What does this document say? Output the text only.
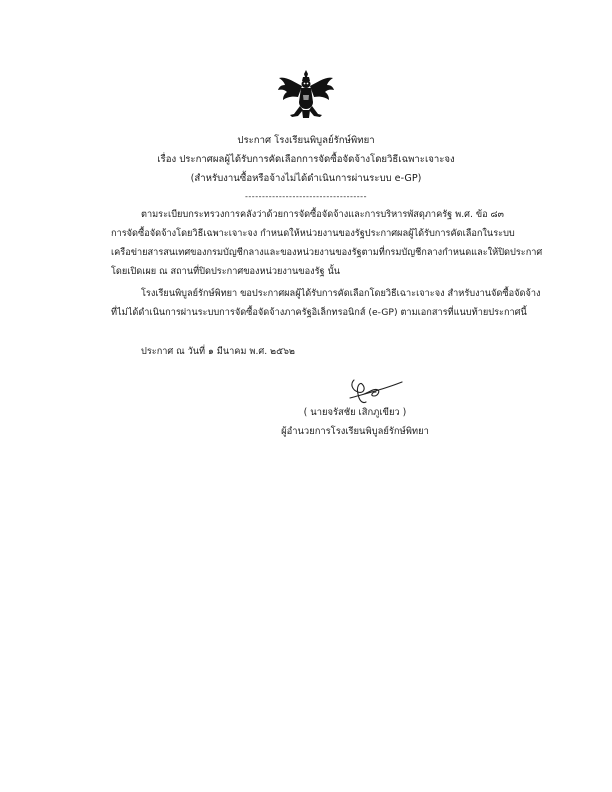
ประกาศ โรงเรียนพิบูลย์รักษ์พิทยา
เรื่อง ประกาศผลผู้ได้รับการคัดเลือกการจัดซื้อจัดจ้างโดยวิธีเฉพาะเจาะจง
(สำหรับงานซื้อหรือจ้างไม่ได้ดำเนินการผ่านระบบ e-GP)
------------------------------------
ตามระเบียบกระทรวงการคลังว่าด้วยการจัดซื้อจัดจ้างและการบริหารพัสดุภาครัฐ พ.ศ. ข้อ ๘๓
การจัดซื้อจัดจ้างโดยวิธีเฉพาะเจาะจง กำหนดให้หน่วยงานของรัฐประกาศผลผู้ได้รับการคัดเลือกในระบบ
เครือข่ายสารสนเทศของกรมบัญชีกลางและของหน่วยงานของรัฐตามที่กรมบัญชีกลางกำหนดและให้ปิดประกาศ
โดยเปิดเผย ณ สถานที่ปิดประกาศของหน่วยงานของรัฐ นั้น
โรงเรียนพิบูลย์รักษ์พิทยา ขอประกาศผลผู้ได้รับการคัดเลือกโดยวิธีเฉาะเจาะจง สำหรับงานจัดซื้อจัดจ้าง
ที่ไม่ได้ดำเนินการผ่านระบบการจัดซื้อจัดจ้างภาครัฐอิเล็กทรอนิกส์ (e-GP) ตามเอกสารที่แนบท้ายประกาศนี้
ประกาศ ณ วันที่ ๑ มีนาคม พ.ศ. ๒๕๖๒
( นายจรัสชัย เสิกภูเขียว )
ผู้อำนวยการโรงเรียนพิบูลย์รักษ์พิทยา
